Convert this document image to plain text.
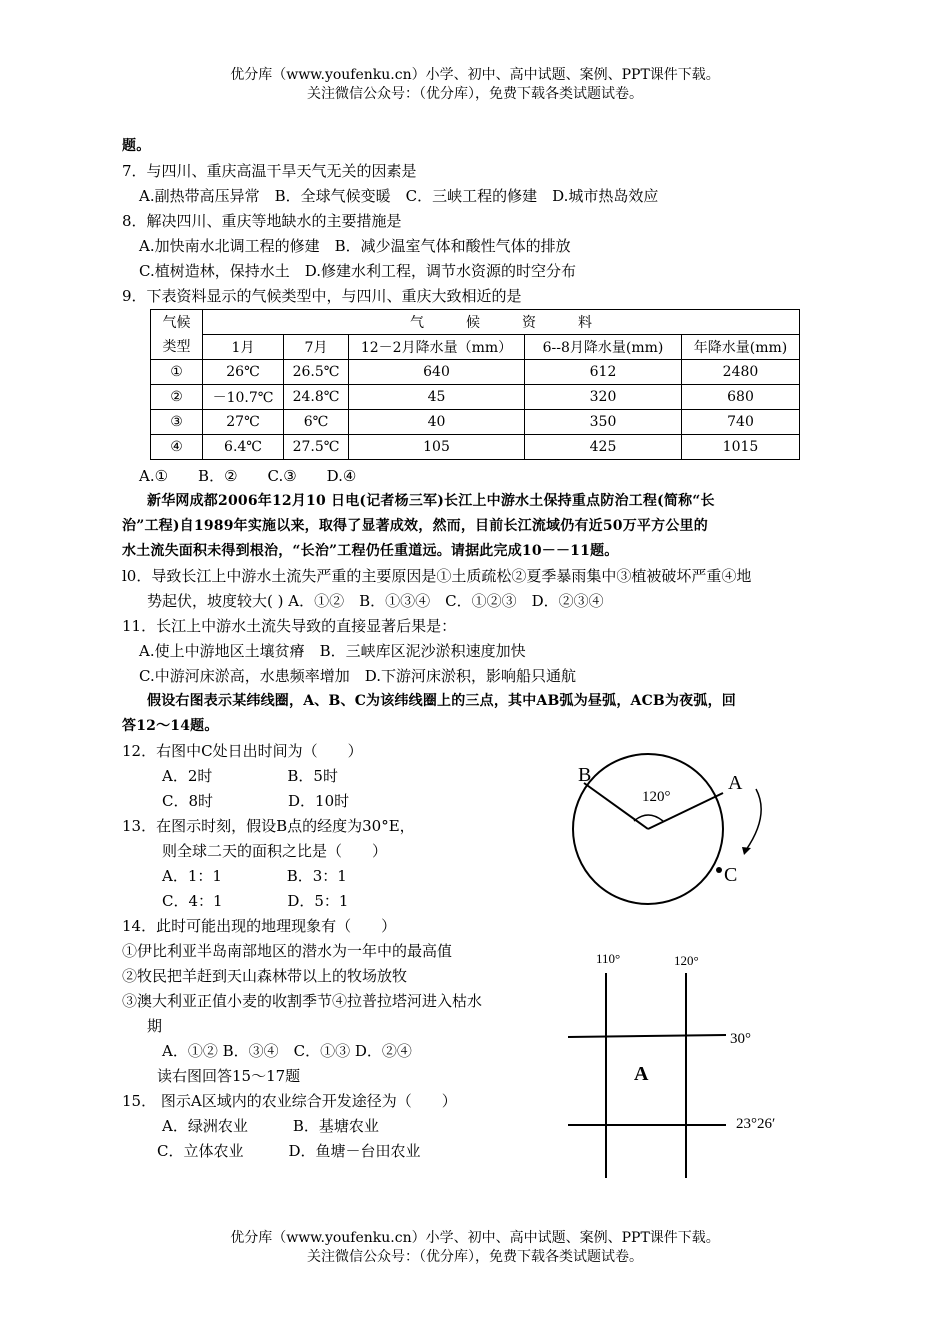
优分库（www.youfenku.cn）小学、初中、高中试题、案例、PPT课件下载。
关注微信公众号：（优分库），免费下载各类试题试卷。
题。
7．与四川、重庆高温干旱天气无关的因素是
A.副热带高压异常　B．全球气候变暖　C．三峡工程的修建　D.城市热岛效应
8．解决四川、重庆等地缺水的主要措施是
A.加快南水北调工程的修建　B．减少温室气体和酸性气体的排放
C.植树造林，保持水土　D.修建水利工程，调节水资源的时空分布
9．下表资料显示的气候类型中，与四川、重庆大致相近的是
气候
类型	气　　　候　　　资　　　料				
	1月	7月	12－2月降水量（mm）	6--8月降水量(mm)	年降水量(mm)
①	26℃	26.5℃	640	612	2480
②	－10.7℃	24.8℃	45	320	680
③	27℃	6℃	40	350	740
④	6.4℃	27.5℃	105	425	1015
A.①　　B．②　　C.③　　D.④
新华网成都2006年12月10 日电(记者杨三军)长江上中游水土保持重点防治工程(简称“长
治”工程)自1989年实施以来，取得了显著成效，然而，目前长江流域仍有近50万平方公里的
水土流失面积未得到根治，“长治”工程仍任重道远。请据此完成10－－11题。
l0．导致长江上中游水土流失严重的主要原因是①土质疏松②夏季暴雨集中③植被破坏严重④地
势起伏，坡度较大( ) A．①②　B．①③④　C．①②③　D．②③④
11．长江上中游水土流失导致的直接显著后果是：
A.使上中游地区土壤贫瘠　B．三峡库区泥沙淤积速度加快
C.中游河床淤高，水患频率增加　D.下游河床淤积，影响船只通航
假设右图表示某纬线圈，A、B、C为该纬线圈上的三点，其中AB弧为昼弧，ACB为夜弧，回
答12～14题。
12．右图中C处日出时间为（　　）
A．2时　　　　　B．5时
C．8时　　　　　D．10时
13．在图示时刻，假设B点的经度为30°E，
则全球二天的面积之比是（　　）
A．1：1　　　　 B．3：1
C．4：1　　　　 D．5：1
14．此时可能出现的地理现象有（　　）
①伊比利亚半岛南部地区的潜水为一年中的最高值
②牧民把羊赶到天山森林带以上的牧场放牧
③澳大利亚正值小麦的收割季节④拉普拉塔河进入枯水
期
A．①② B．③④　C．①③ D．②④
读右图回答15～17题
15． 图示A区域内的农业综合开发途径为（　　）
A．绿洲农业　　　B．基塘农业
C．立体农业　　　D．鱼塘－台田农业
B	A
C
120°
110°	120°
30°
23°26′
A
优分库（www.youfenku.cn）小学、初中、高中试题、案例、PPT课件下载。
关注微信公众号：（优分库），免费下载各类试题试卷。
